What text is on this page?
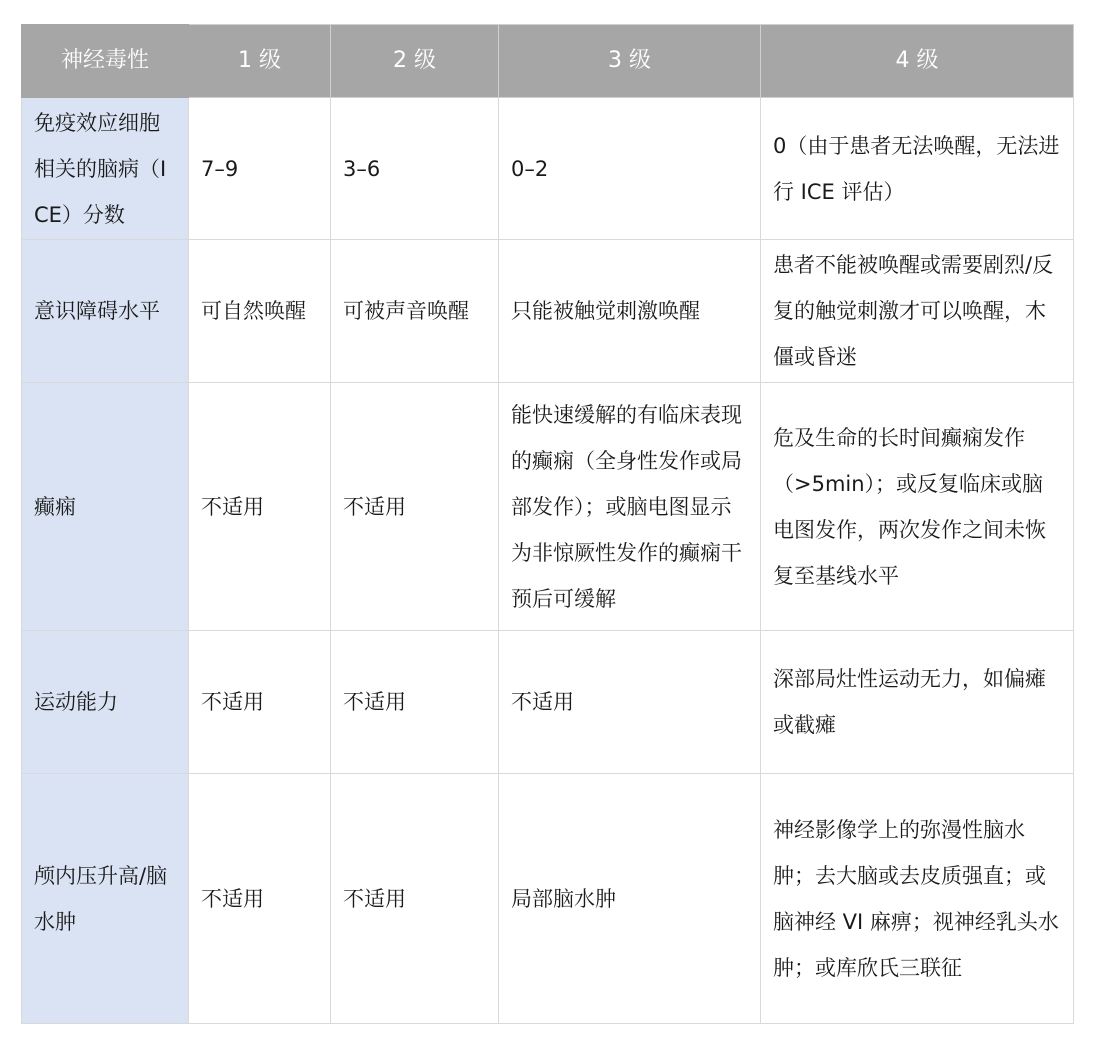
神经毒性	1 级	2 级	3 级	4 级
免疫效应细胞相关的脑病（ICE）分数	7–9	3–6	0–2	0（由于患者无法唤醒，无法进行 ICE 评估）
意识障碍水平	可自然唤醒	可被声音唤醒	只能被触觉刺激唤醒	患者不能被唤醒或需要剧烈/反复的触觉刺激才可以唤醒，木僵或昏迷
癫痫	不适用	不适用	能快速缓解的有临床表现的癫痫（全身性发作或局部发作）；或脑电图显示为非惊厥性发作的癫痫干预后可缓解	危及生命的长时间癫痫发作（>5min）；或反复临床或脑电图发作，两次发作之间未恢复至基线水平
运动能力	不适用	不适用	不适用	深部局灶性运动无力，如偏瘫或截瘫
颅内压升高/脑水肿	不适用	不适用	局部脑水肿	神经影像学上的弥漫性脑水肿；去大脑或去皮质强直；或脑神经 VI 麻痹；视神经乳头水肿；或库欣氏三联征
